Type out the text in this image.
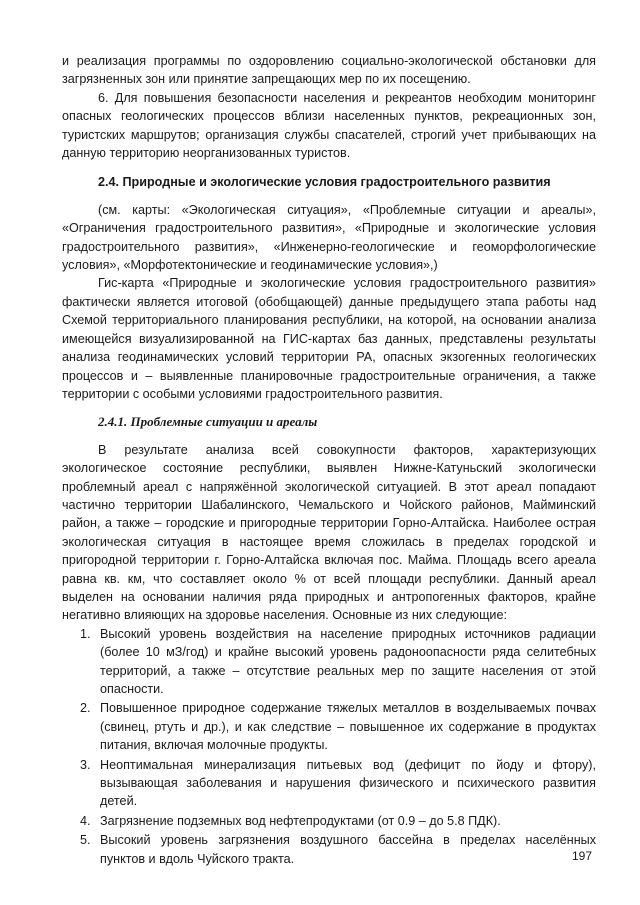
и реализация программы по оздоровлению социально-экологической обстановки для загрязненных зон или принятие запрещающих мер по их посещению.

6. Для повышения безопасности населения и рекреантов необходим мониторинг опасных геологических процессов вблизи населенных пунктов, рекреационных зон, туристских маршрутов; организация службы спасателей, строгий учет прибывающих на данную территорию неорганизованных туристов.

2.4. Природные и экологические условия градостроительного развития

(см. карты: «Экологическая ситуация», «Проблемные ситуации и ареалы», «Ограничения градостроительного развития», «Природные и экологические условия градостроительного развития», «Инженерно-геологические и геоморфологические условия», «Морфотектонические и геодинамические условия»,)

Гис-карта «Природные и экологические условия градостроительного развития» фактически является итоговой (обобщающей) данные предыдущего этапа работы над Схемой территориального планирования республики, на которой, на основании анализа имеющейся визуализированной на ГИС-картах баз данных, представлены результаты анализа геодинамических условий территории РА, опасных экзогенных геологических процессов и – выявленные планировочные градостроительные ограничения, а также территории с особыми условиями градостроительного развития.

2.4.1. Проблемные ситуации и ареалы

В результате анализа всей совокупности факторов, характеризующих экологическое состояние республики, выявлен Нижне-Катуньский экологически проблемный ареал с напряжённой экологической ситуацией. В этот ареал попадают частично территории Шабалинского, Чемальского и Чойского районов, Майминский район, а также – городские и пригородные территории Горно-Алтайска. Наиболее острая экологическая ситуация в настоящее время сложилась в пределах городской и пригородной территории г. Горно-Алтайска включая пос. Майма. Площадь всего ареала равна кв. км, что составляет около % от всей площади республики. Данный ареал выделен на основании наличия ряда природных и антропогенных факторов, крайне негативно влияющих на здоровье населения. Основные из них следующие:

1. Высокий уровень воздействия на население природных источников радиации (более 10 мЗ/год) и крайне высокий уровень радоноопасности ряда селитебных территорий, а также – отсутствие реальных мер по защите населения от этой опасности.
2. Повышенное природное содержание тяжелых металлов в возделываемых почвах (свинец, ртуть и др.), и как следствие – повышенное их содержание в продуктах питания, включая молочные продукты.
3. Неоптимальная минерализация питьевых вод (дефицит по йоду и фтору), вызывающая заболевания и нарушения физического и психического развития детей.
4. Загрязнение подземных вод нефтепродуктами (от 0.9 – до 5.8 ПДК).
5. Высокий уровень загрязнения воздушного бассейна в пределах населённых пунктов и вдоль Чуйского тракта.	197
